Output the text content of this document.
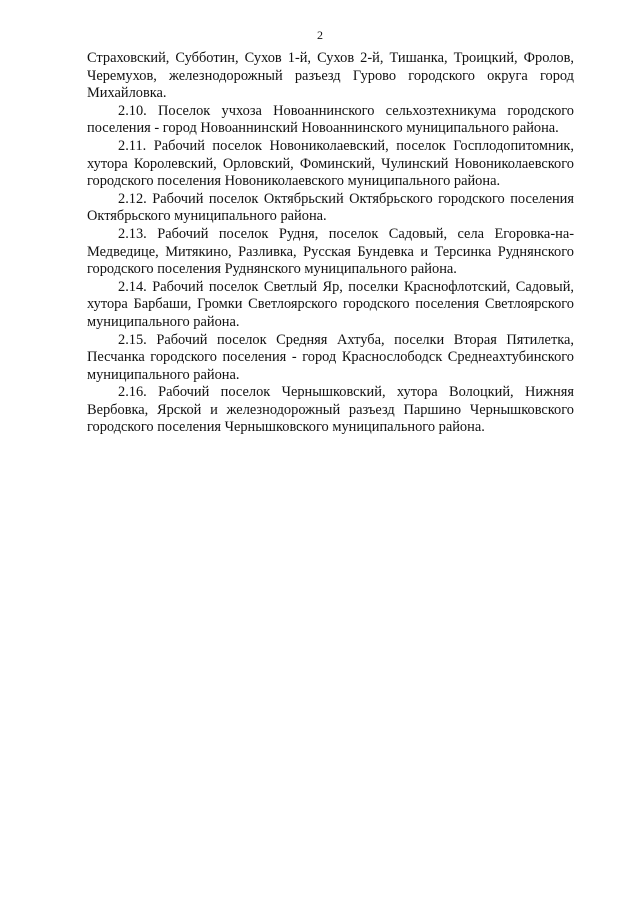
2

Страховский, Субботин, Сухов 1-й, Сухов 2-й, Тишанка, Троицкий, Фролов, Черемухов, железнодорожный разъезд Гурово городского округа город Михайловка.

2.10. Поселок учхоза Новоаннинского сельхозтехникума городского поселения - город Новоаннинский Новоаннинского муниципального района.

2.11. Рабочий поселок Новониколаевский, поселок Госплодопитомник, хутора Королевский, Орловский, Фоминский, Чулинский Новониколаевского городского поселения Новониколаевского муниципального района.

2.12. Рабочий поселок Октябрьский Октябрьского городского поселения Октябрьского муниципального района.

2.13. Рабочий поселок Рудня, поселок Садовый, села Егоровка-на-Медведице, Митякино, Разливка, Русская Бундевка и Терсинка Руднянского городского поселения Руднянского муниципального района.

2.14. Рабочий поселок Светлый Яр, поселки Краснофлотский, Садовый, хутора Барбаши, Громки Светлоярского городского поселения Светлоярского муниципального района.

2.15. Рабочий поселок Средняя Ахтуба, поселки Вторая Пятилетка, Песчанка городского поселения - город Краснослободск Среднеахтубинского муниципального района.

2.16. Рабочий поселок Чернышковский, хутора Волоцкий, Нижняя Вербовка, Ярской и железнодорожный разъезд Паршино Чернышковского городского поселения Чернышковского муниципального района.
